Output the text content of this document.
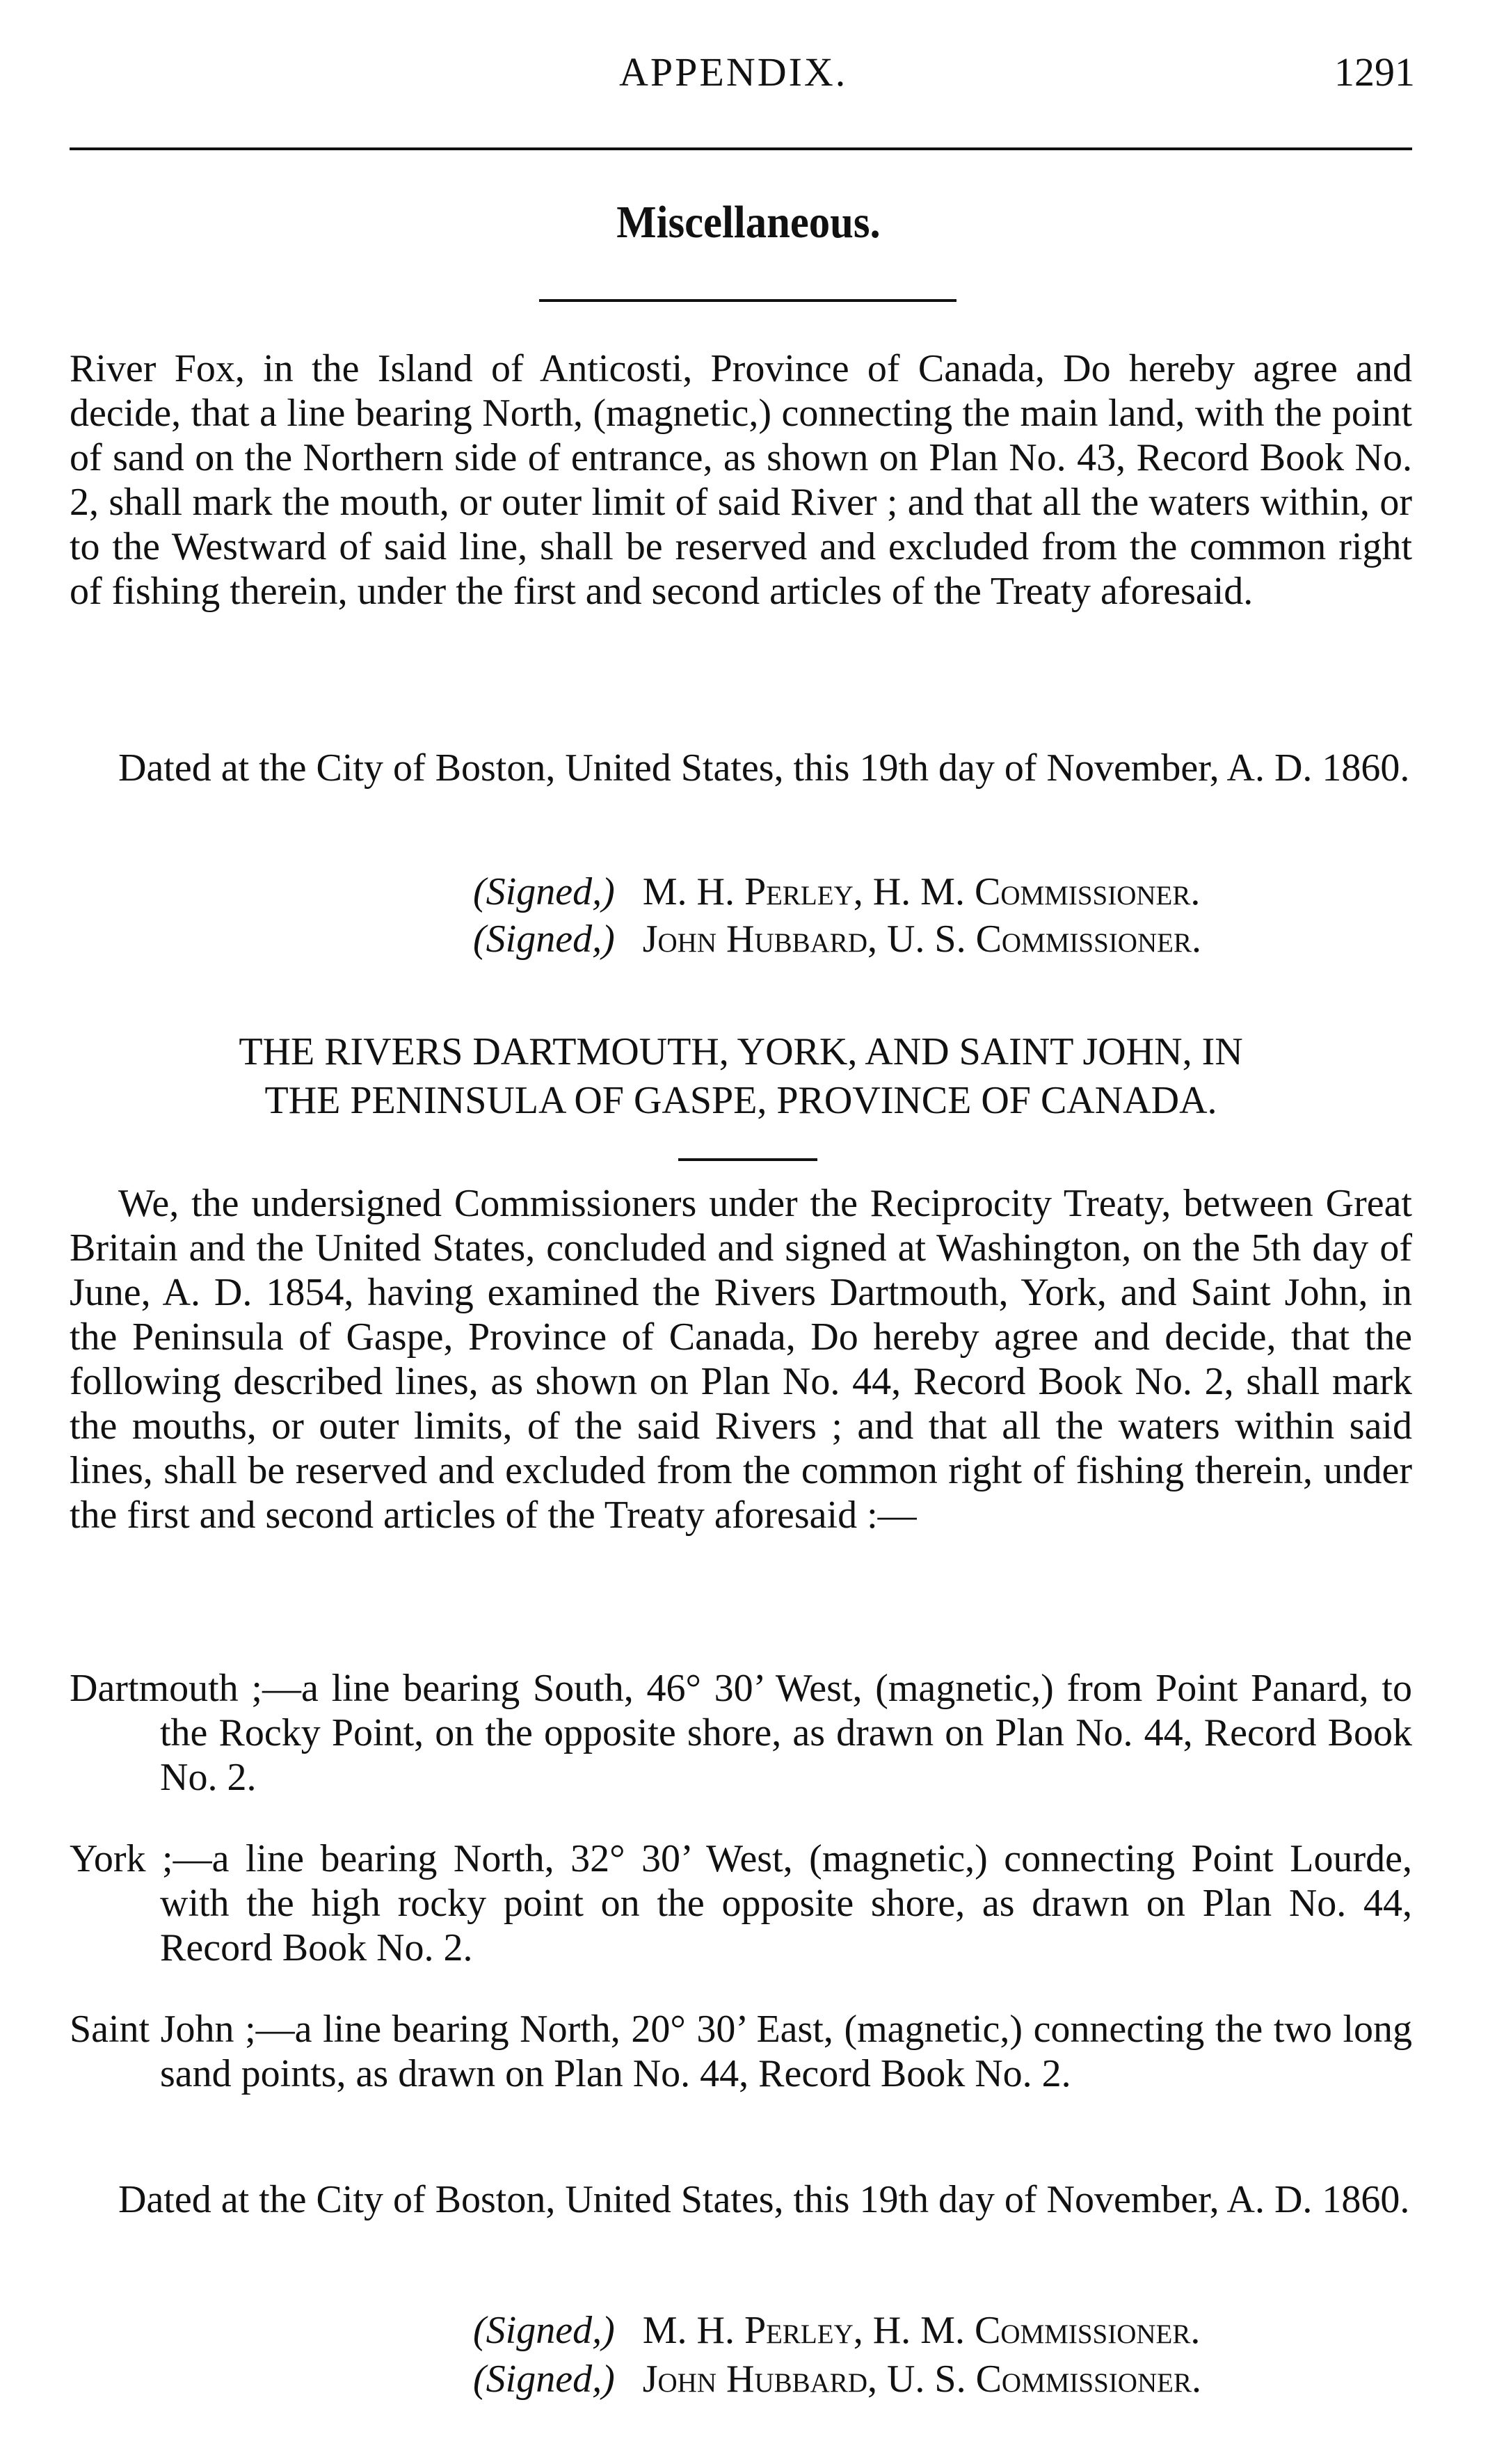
APPENDIX.	1291
Miscellaneous.
River Fox, in the Island of Anticosti, Province of Canada, Do hereby agree and decide, that a line bearing North, (magnetic,) connecting the main land, with the point of sand on the Northern side of entrance, as shown on Plan No. 43, Record Book No. 2, shall mark the mouth, or outer limit of said River ; and that all the waters within, or to the Westward of said line, shall be reserved and excluded from the common right of fishing therein, under the first and second articles of the Treaty aforesaid.
Dated at the City of Boston, United States, this 19th day of November, A. D. 1860.
(Signed,) M. H. Perley, H. M. Commissioner.
(Signed,) John Hubbard, U. S. Commissioner.
THE RIVERS DARTMOUTH, YORK, AND SAINT JOHN, IN
THE PENINSULA OF GASPE, PROVINCE OF CANADA.
We, the undersigned Commissioners under the Reciprocity Treaty, between Great Britain and the United States, concluded and signed at Washington, on the 5th day of June, A. D. 1854, having examined the Rivers Dartmouth, York, and Saint John, in the Peninsula of Gaspe, Province of Canada, Do hereby agree and decide, that the following described lines, as shown on Plan No. 44, Record Book No. 2, shall mark the mouths, or outer limits, of the said Rivers ; and that all the waters within said lines, shall be reserved and excluded from the common right of fishing therein, under the first and second articles of the Treaty aforesaid :—
Dartmouth ;—a line bearing South, 46° 30’ West, (magnetic,) from Point Panard, to the Rocky Point, on the opposite shore, as drawn on Plan No. 44, Record Book No. 2.
York ;—a line bearing North, 32° 30’ West, (magnetic,) connecting Point Lourde, with the high rocky point on the opposite shore, as drawn on Plan No. 44, Record Book No. 2.
Saint John ;—a line bearing North, 20° 30’ East, (magnetic,) connecting the two long sand points, as drawn on Plan No. 44, Record Book No. 2.
Dated at the City of Boston, United States, this 19th day of November, A. D. 1860.
(Signed,) M. H. Perley, H. M. Commissioner.
(Signed,) John Hubbard, U. S. Commissioner.
